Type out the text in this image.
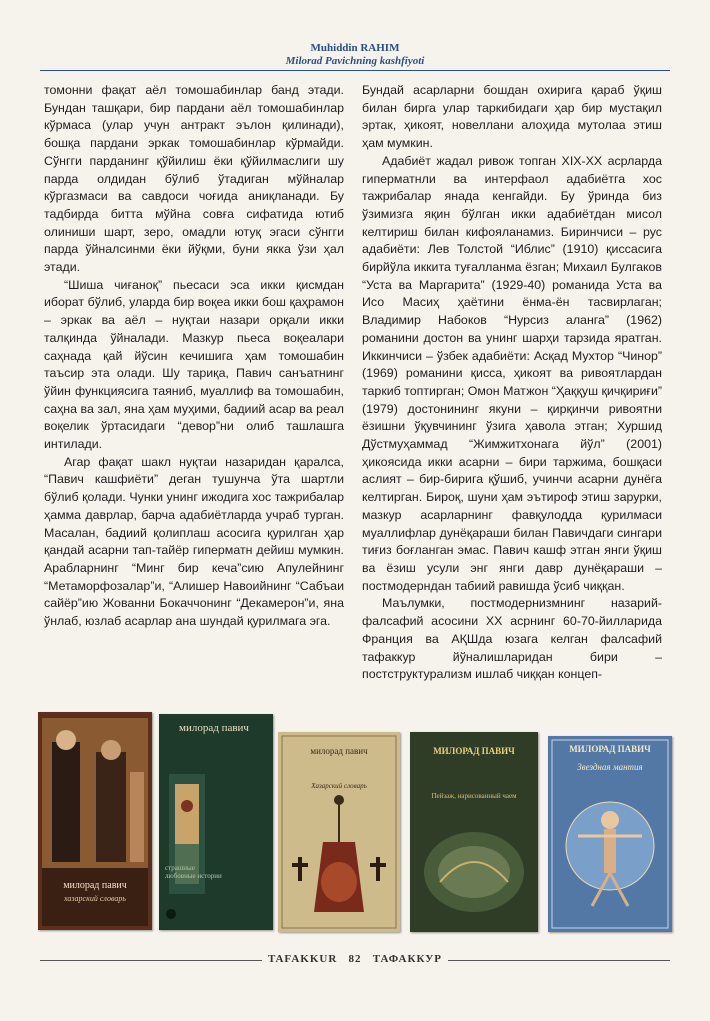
Muhiddin RAHIM
Milorad Pavichning kashfiyoti

томонни фақат аёл томошабинлар банд этади. Бундан ташқари, бир пардани аёл томошабинлар кўрмаса (улар учун антракт эълон қилинади), бошқа пардани эркак томошабинлар кўрмайди. Сўнгги парданинг қўйилиш ёки қўйилмаслиги шу парда олдидан бўлиб ўтадиган мўйналар кўргазмаси ва савдоси чоғида аниқланади. Бу тадбирда битта мўйна совға сифатида ютиб олиниши шарт, зеро, омадли ютуқ эгаси сўнгги парда ўйналсинми ёки йўқми, буни якка ўзи ҳал этади.

“Шиша чиғаноқ” пьесаси эса икки қисмдан иборат бўлиб, уларда бир воқеа икки бош қаҳрамон – эркак ва аёл – нуқтаи назари орқали икки талқинда ўйналади. Мазкур пьеса воқеалари саҳнада қай йўсин кечишига ҳам томошабин таъсир эта олади. Шу тариқа, Павич санъатнинг ўйин функциясига таяниб, муаллиф ва томошабин, саҳна ва зал, яна ҳам муҳими, бадиий асар ва реал воқелик ўртасидаги “девор”ни олиб ташлашга интилади.

Агар фақат шакл нуқтаи назаридан қаралса, “Павич кашфиёти” деган тушунча ўта шартли бўлиб қолади. Чунки унинг ижодига хос тажрибалар ҳамма даврлар, барча адабиётларда учраб турган. Масалан, бадиий қолиплаш асосига қурилган ҳар қандай асарни тап-тайёр гиперматн дейиш мумкин. Арабларнинг “Минг бир кеча”сию Апулейнинг “Метаморфозалар”и, “Алишер Навоийнинг “Сабъаи сайёр”ию Жованни Бокаччонинг “Декамерон”и, яна ўнлаб, юзлаб асарлар ана шундай қурилмага эга.

Бундай асарларни бошдан охирига қараб ўқиш билан бирга улар таркибидаги ҳар бир мустақил эртак, ҳикоят, новеллани алоҳида мутолаа этиш ҳам мумкин.

Адабиёт жадал ривож топган XIX-XX асрларда гиперматнли ва интерфаол адабиётга хос тажрибалар янада кенгайди. Бу ўринда биз ўзимизга яқин бўлган икки адабиётдан мисол келтириш билан кифояланамиз. Биринчиси – рус адабиёти: Лев Толстой “Иблис” (1910) қиссасига бирйўла иккита туғалланма ёзган; Михаил Булгаков “Уста ва Маргарита” (1929-40) романида Уста ва Исо Масиҳ ҳаётини ёнма-ён тасвирлаган; Владимир Набоков “Нурсиз аланга” (1962) романини достон ва унинг шарҳи тарзида яратган. Иккинчиси – ўзбек адабиёти: Асқад Мухтор “Чинор” (1969) романини қисса, ҳикоят ва ривоятлардан таркиб топтирган; Омон Матжон “Ҳаққуш қичқириғи” (1979) достонининг якуни – қирқинчи ривоятни ёзишни ўқувчининг ўзига ҳавола этган; Хуршид Дўстмуҳаммад “Жимжитхонага йўл” (2001) ҳикоясида икки асарни – бири таржима, бошқаси аслият – бир-бирига қўшиб, учинчи асарни дунёга келтирган. Бироқ, шуни ҳам эътироф этиш зарурки, мазкур асарларнинг фавқулодда қурилмаси муаллифлар дунёқараши билан Павичдаги сингари тиғиз боғланган эмас. Павич кашф этган янги ўқиш ва ёзиш усули энг янги давр дунёқараши – постмодерндан табиий равишда ўсиб чиққан.

Маълумки, постмодернизмнинг назарий-фалсафий асосини XX асрнинг 60-70-йилларида Франция ва АҚШда юзага келган фалсафий тафаккур йўналишларидан бири – постструктурализм ишлаб чиққан концеп-

милорад павич
хазарский словарь
милорад павич
страшные любовные истории
милорад павич
Хазарский словарь
МИЛОРАД ПАВИЧ
Пейзаж, нарисованный чаем
МИЛОРАД ПАВИЧ
Звездная мантия
TAFAKKUR 82 ТАФАККУР
